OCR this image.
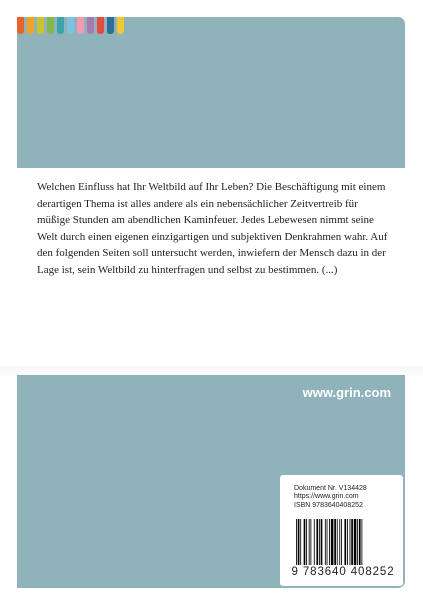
Welchen Einfluss hat Ihr Weltbild auf Ihr Leben? Die Beschäftigung mit einem derartigen Thema ist alles andere als ein nebensächlicher Zeitvertreib für müßige Stunden am abendlichen Kaminfeuer. Jedes Lebewesen nimmt seine Welt durch einen eigenen einzigartigen und subjektiven Denkrahmen wahr. Auf den folgenden Seiten soll untersucht werden, inwiefern der Mensch dazu in der Lage ist, sein Weltbild zu hinterfragen und selbst zu bestimmen. (...)

www.grin.com
Dokument Nr. V134428
https://www.grin.com
ISBN 9783640408252
9 783640 408252
